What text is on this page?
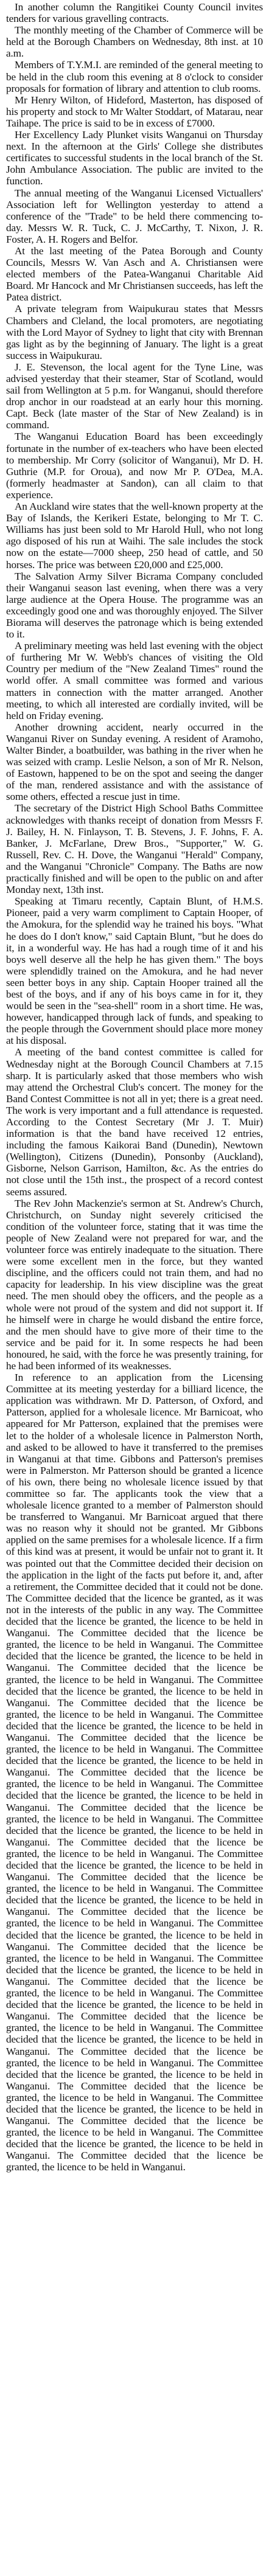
In another column the Rangitikei County Council invites tenders for various gravelling contracts.

The monthly meeting of the Chamber of Commerce will be held at the Borough Chambers on Wednesday, 8th inst. at 10 a.m.

Members of T.Y.M.I. are reminded of the general meeting to be held in the club room this evening at 8 o'clock to consider proposals for formation of library and attention to club rooms.

Mr Henry Wilton, of Hideford, Masterton, has disposed of his property and stock to Mr Walter Stoddart, of Matarau, near Taihape. The price is said to be in excess of £7000.

Her Excellency Lady Plunket visits Wanganui on Thursday next. In the afternoon at the Girls' College she distributes certificates to successful students in the local branch of the St. John Ambulance Association. The public are invited to the function.

The annual meeting of the Wanganui Licensed Victuallers' Association left for Wellington yesterday to attend a conference of the "Trade" to be held there commencing to-day. Messrs W. R. Tuck, C. J. McCarthy, T. Nixon, J. R. Foster, A. H. Rogers and Belfor.

At the last meeting of the Patea Borough and County Councils, Messrs W. Van Asch and A. Christiansen were elected members of the Patea-Wanganui Charitable Aid Board. Mr Hancock and Mr Christiansen succeeds, has left the Patea district.

A private telegram from Waipukurau states that Messrs Chambers and Cleland, the local promoters, are negotiating with the Lord Mayor of Sydney to light that city with Brennan gas light as by the beginning of January. The light is a great success in Waipukurau.

J. E. Stevenson, the local agent for the Tyne Line, was advised yesterday that their steamer, Star of Scotland, would sail from Wellington at 5 p.m. for Wanganui, should therefore drop anchor in our roadstead at an early hour this morning. Capt. Beck (late master of the Star of New Zealand) is in command.

The Wanganui Education Board has been exceedingly fortunate in the number of ex-teachers who have been elected to membership. Mr Corry (solicitor of Wanganui), Mr D. H. Guthrie (M.P. for Oroua), and now Mr P. O'Dea, M.A. (formerly headmaster at Sandon), can all claim to that experience.

An Auckland wire states that the well-known property at the Bay of Islands, the Kerikeri Estate, belonging to Mr T. C. Williams has just been sold to Mr Harold Hull, who not long ago disposed of his run at Waihi. The sale includes the stock now on the estate—7000 sheep, 250 head of cattle, and 50 horses. The price was between £20,000 and £25,000.

The Salvation Army Silver Bicrama Company concluded their Wanganui season last evening, when there was a very large audience at the Opera House. The programme was an exceedingly good one and was thoroughly enjoyed. The Silver Biorama will deserves the patronage which is being extended to it.

A preliminary meeting was held last evening with the object of furthering Mr W. Webb's chances of visiting the Old Country per medium of the "New Zealand Times" round the world offer. A small committee was formed and various matters in connection with the matter arranged. Another meeting, to which all interested are cordially invited, will be held on Friday evening.

Another drowning accident, nearly occurred in the Wanganui River on Sunday evening. A resident of Aramoho, Walter Binder, a boatbuilder, was bathing in the river when he was seized with cramp. Leslie Nelson, a son of Mr R. Nelson, of Eastown, happened to be on the spot and seeing the danger of the man, rendered assistance and with the assistance of some others, effected a rescue just in time.

The secretary of the District High School Baths Committee acknowledges with thanks receipt of donation from Messrs F. J. Bailey, H. N. Finlayson, T. B. Stevens, J. F. Johns, F. A. Banker, J. McFarlane, Drew Bros., "Supporter," W. G. Russell, Rev. C. H. Dove, the Wanganui "Herald" Company, and the Wanganui "Chronicle" Company. The Baths are now practically finished and will be open to the public on and after Monday next, 13th inst.

Speaking at Timaru recently, Captain Blunt, of H.M.S. Pioneer, paid a very warm compliment to Captain Hooper, of the Amokura, for the splendid way he trained his boys. "What he does do I don't know," said Captain Blunt, "but he does do it, in a wonderful way. He has had a rough time of it and his boys well deserve all the help he has given them." The boys were splendidly trained on the Amokura, and he had never seen better boys in any ship. Captain Hooper trained all the best of the boys, and if any of his boys came in for it, they would be seen in the "sea-shell" room in a short time. He was, however, handicapped through lack of funds, and speaking to the people through the Government should place more money at his disposal.

A meeting of the band contest committee is called for Wednesday night at the Borough Council Chambers at 7.15 sharp. It is particularly asked that those members who wish may attend the Orchestral Club's concert. The money for the Band Contest Committee is not all in yet; there is a great need. The work is very important and a full attendance is requested. According to the Contest Secretary (Mr J. T. Muir) information is that the band have received 12 entries, including the famous Kaikorai Band (Dunedin), Newtown (Wellington), Citizens (Dunedin), Ponsonby (Auckland), Gisborne, Nelson Garrison, Hamilton, &c. As the entries do not close until the 15th inst., the prospect of a record contest seems assured.

The Rev John Mackenzie's sermon at St. Andrew's Church, Christchurch, on Sunday night severely criticised the condition of the volunteer force, stating that it was time the people of New Zealand were not prepared for war, and the volunteer force was entirely inadequate to the situation. There were some excellent men in the force, but they wanted discipline, and the officers could not train them, and had no capacity for leadership. In his view discipline was the great need. The men should obey the officers, and the people as a whole were not proud of the system and did not support it. If he himself were in charge he would disband the entire force, and the men should have to give more of their time to the service and be paid for it. In some respects he had been honoured, he said, with the force he was presently training, for he had been informed of its weaknesses.

In reference to an application from the Licensing Committee at its meeting yesterday for a billiard licence, the application was withdrawn. Mr D. Patterson, of Oxford, and Patterson, applied for a wholesale licence. Mr Barnicoat, who appeared for Mr Patterson, explained that the premises were let to the holder of a wholesale licence in Palmerston North, and asked to be allowed to have it transferred to the premises in Wanganui at that time. Gibbons and Patterson's premises were in Palmerston. Mr Patterson should be granted a licence of his own, there being no wholesale licence issued by that committee so far. The applicants took the view that a wholesale licence granted to a member of Palmerston should be transferred to Wanganui. Mr Barnicoat argued that there was no reason why it should not be granted. Mr Gibbons applied on the same premises for a wholesale licence. If a firm of this kind was at present, it would be unfair not to grant it. It was pointed out that the Committee decided their decision on the application in the light of the facts put before it, and, after a retirement, the Committee decided that it could not be done. The Committee decided that the licence be granted, as it was not in the interests of the public in any way. The Committee decided that the licence be granted, the licence to be held in Wanganui. The Committee decided that the licence be granted, the licence to be held in Wanganui. The Committee decided that the licence be granted, the licence to be held in Wanganui. The Committee decided that the licence be granted, the licence to be held in Wanganui. The Committee decided that the licence be granted, the licence to be held in Wanganui. The Committee decided that the licence be granted, the licence to be held in Wanganui. The Committee decided that the licence be granted, the licence to be held in Wanganui. The Committee decided that the licence be granted, the licence to be held in Wanganui. The Committee decided that the licence be granted, the licence to be held in Wanganui. The Committee decided that the licence be granted, the licence to be held in Wanganui. The Committee decided that the licence be granted, the licence to be held in Wanganui. The Committee decided that the licence be granted, the licence to be held in Wanganui. The Committee decided that the licence be granted, the licence to be held in Wanganui. The Committee decided that the licence be granted, the licence to be held in Wanganui. The Committee decided that the licence be granted, the licence to be held in Wanganui. The Committee decided that the licence be granted, the licence to be held in Wanganui. The Committee decided that the licence be granted, the licence to be held in Wanganui. The Committee decided that the licence be granted, the licence to be held in Wanganui. The Committee decided that the licence be granted, the licence to be held in Wanganui. The Committee decided that the licence be granted, the licence to be held in Wanganui. The Committee decided that the licence be granted, the licence to be held in Wanganui. The Committee decided that the licence be granted, the licence to be held in Wanganui. The Committee decided that the licence be granted, the licence to be held in Wanganui. The Committee decided that the licence be granted, the licence to be held in Wanganui. The Committee decided that the licence be granted, the licence to be held in Wanganui. The Committee decided that the licence be granted, the licence to be held in Wanganui. The Committee decided that the licence be granted, the licence to be held in Wanganui. The Committee decided that the licence be granted, the licence to be held in Wanganui. The Committee decided that the licence be granted, the licence to be held in Wanganui. The Committee decided that the licence be granted, the licence to be held in Wanganui. The Committee decided that the licence be granted, the licence to be held in Wanganui. The Committee decided that the licence be granted, the licence to be held in Wanganui.
